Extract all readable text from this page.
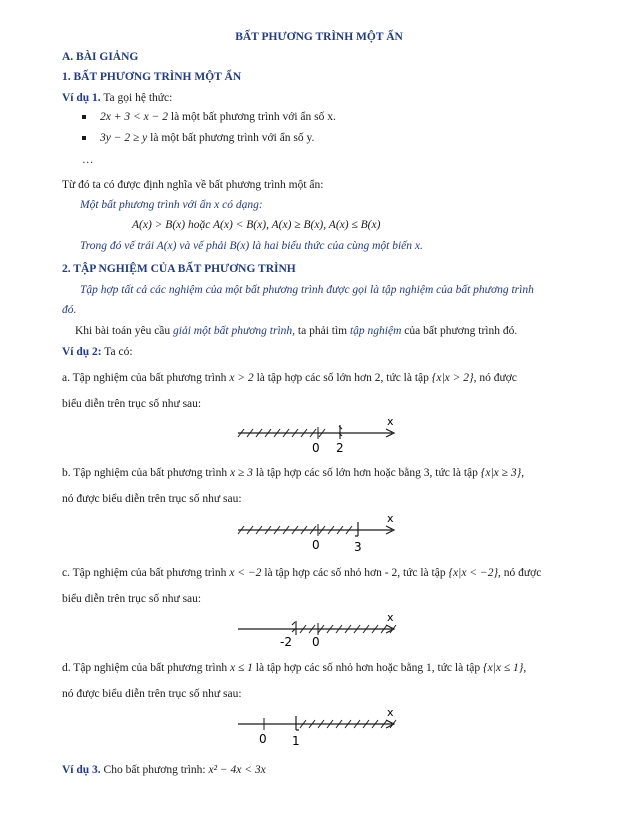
BẤT PHƯƠNG TRÌNH MỘT ẨN
A. BÀI GIẢNG
1. BẤT PHƯƠNG TRÌNH MỘT ẨN
Ví dụ 1. Ta gọi hệ thức:
2x + 3 < x − 2 là một bất phương trình với ẩn số x.
3y − 2 ≥ y là một bất phương trình với ẩn số y.
…
Từ đó ta có được định nghĩa về bất phương trình một ẩn:
Một bất phương trình với ẩn x có dạng:
A(x) > B(x) hoặc A(x) < B(x), A(x) ≥ B(x), A(x) ≤ B(x)
Trong đó vế trái A(x) và vế phải B(x) là hai biểu thức của cùng một biến x.
2. TẬP NGHIỆM CỦA BẤT PHƯƠNG TRÌNH
Tập hợp tất cả các nghiệm của một bất phương trình được gọi là tập nghiệm của bất phương trình
đó.
Khi bài toán yêu cầu giải một bất phương trình, ta phải tìm tập nghiệm của bất phương trình đó.
Ví dụ 2: Ta có:
a. Tập nghiệm của bất phương trình x > 2 là tập hợp các số lớn hơn 2, tức là tập {x|x > 2}, nó được
biểu diễn trên trục số như sau:
0 2
x
b. Tập nghiệm của bất phương trình x ≥ 3 là tập hợp các số lớn hơn hoặc bằng 3, tức là tập {x|x ≥ 3},
nó được biểu diễn trên trục số như sau:
0	3
x
c. Tập nghiệm của bất phương trình x < −2 là tập hợp các số nhỏ hơn - 2, tức là tập {x|x < −2}, nó được
biểu diễn trên trục số như sau:
-2 0
x
d. Tập nghiệm của bất phương trình x ≤ 1 là tập hợp các số nhỏ hơn hoặc bằng 1, tức là tập {x|x ≤ 1},
nó được biểu diễn trên trục số như sau:
0 1
x
Ví dụ 3. Cho bất phương trình: x² − 4x < 3x
